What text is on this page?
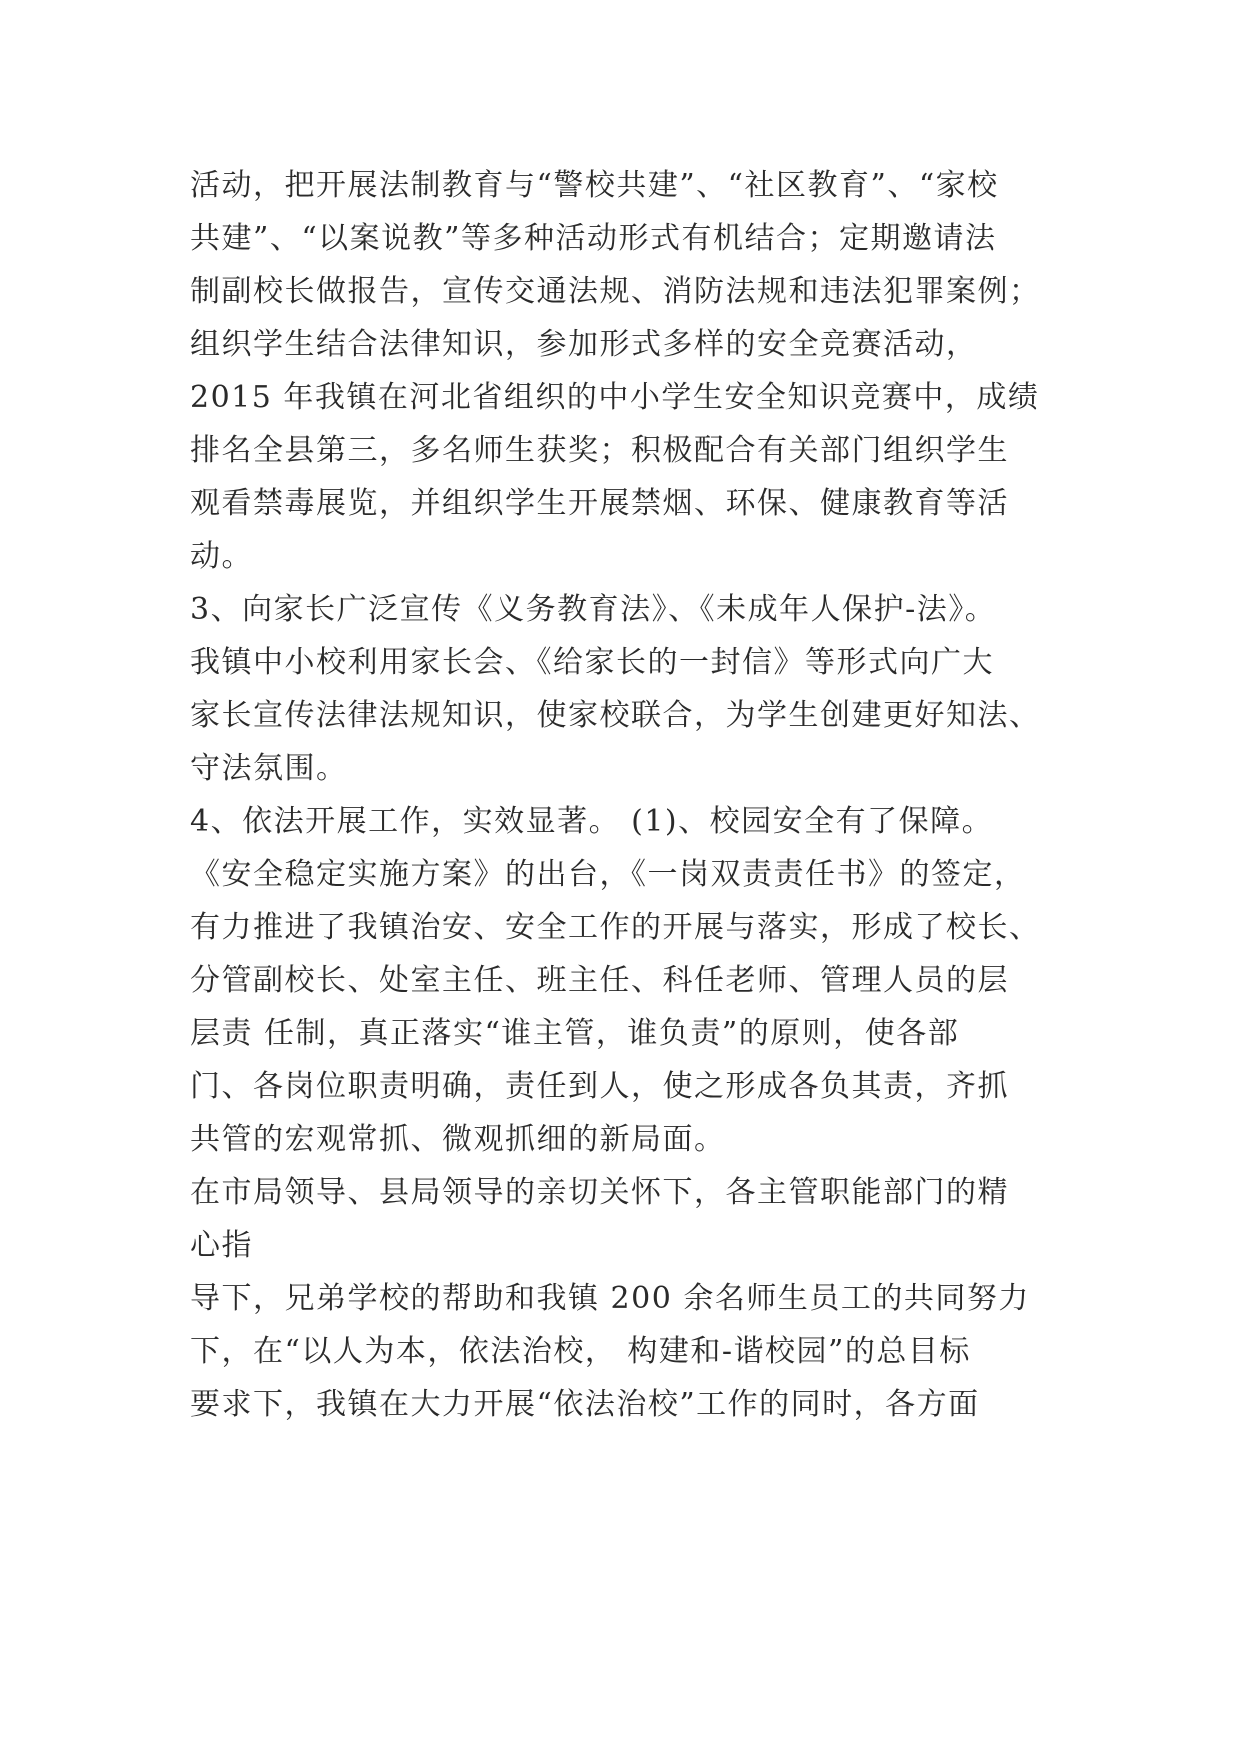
活动，把开展法制教育与“警校共建”、“社区教育”、“家校
共建”、“以案说教”等多种活动形式有机结合；定期邀请法
制副校长做报告，宣传交通法规、消防法规和违法犯罪案例；
组织学生结合法律知识，参加形式多样的安全竞赛活动，
2015 年我镇在河北省组织的中小学生安全知识竞赛中，成绩
排名全县第三，多名师生获奖；积极配合有关部门组织学生
观看禁毒展览，并组织学生开展禁烟、环保、健康教育等活
动。
3、向家长广泛宣传《义务教育法》、《未成年人保护-法》。
我镇中小校利用家长会、《给家长的一封信》等形式向广大
家长宣传法律法规知识，使家校联合，为学生创建更好知法、
守法氛围。
4、依法开展工作，实效显著。 (1)、校园安全有了保障。
《安全稳定实施方案》的出台，《一岗双责责任书》的签定，
有力推进了我镇治安、安全工作的开展与落实，形成了校长、
分管副校长、处室主任、班主任、科任老师、管理人员的层
层责 任制，真正落实“谁主管，谁负责”的原则，使各部
门、各岗位职责明确，责任到人，使之形成各负其责，齐抓
共管的宏观常抓、微观抓细的新局面。
在市局领导、县局领导的亲切关怀下，各主管职能部门的精
心指
导下，兄弟学校的帮助和我镇 200 余名师生员工的共同努力
下，在“以人为本，依法治校， 构建和-谐校园”的总目标
要求下，我镇在大力开展“依法治校”工作的同时，各方面
